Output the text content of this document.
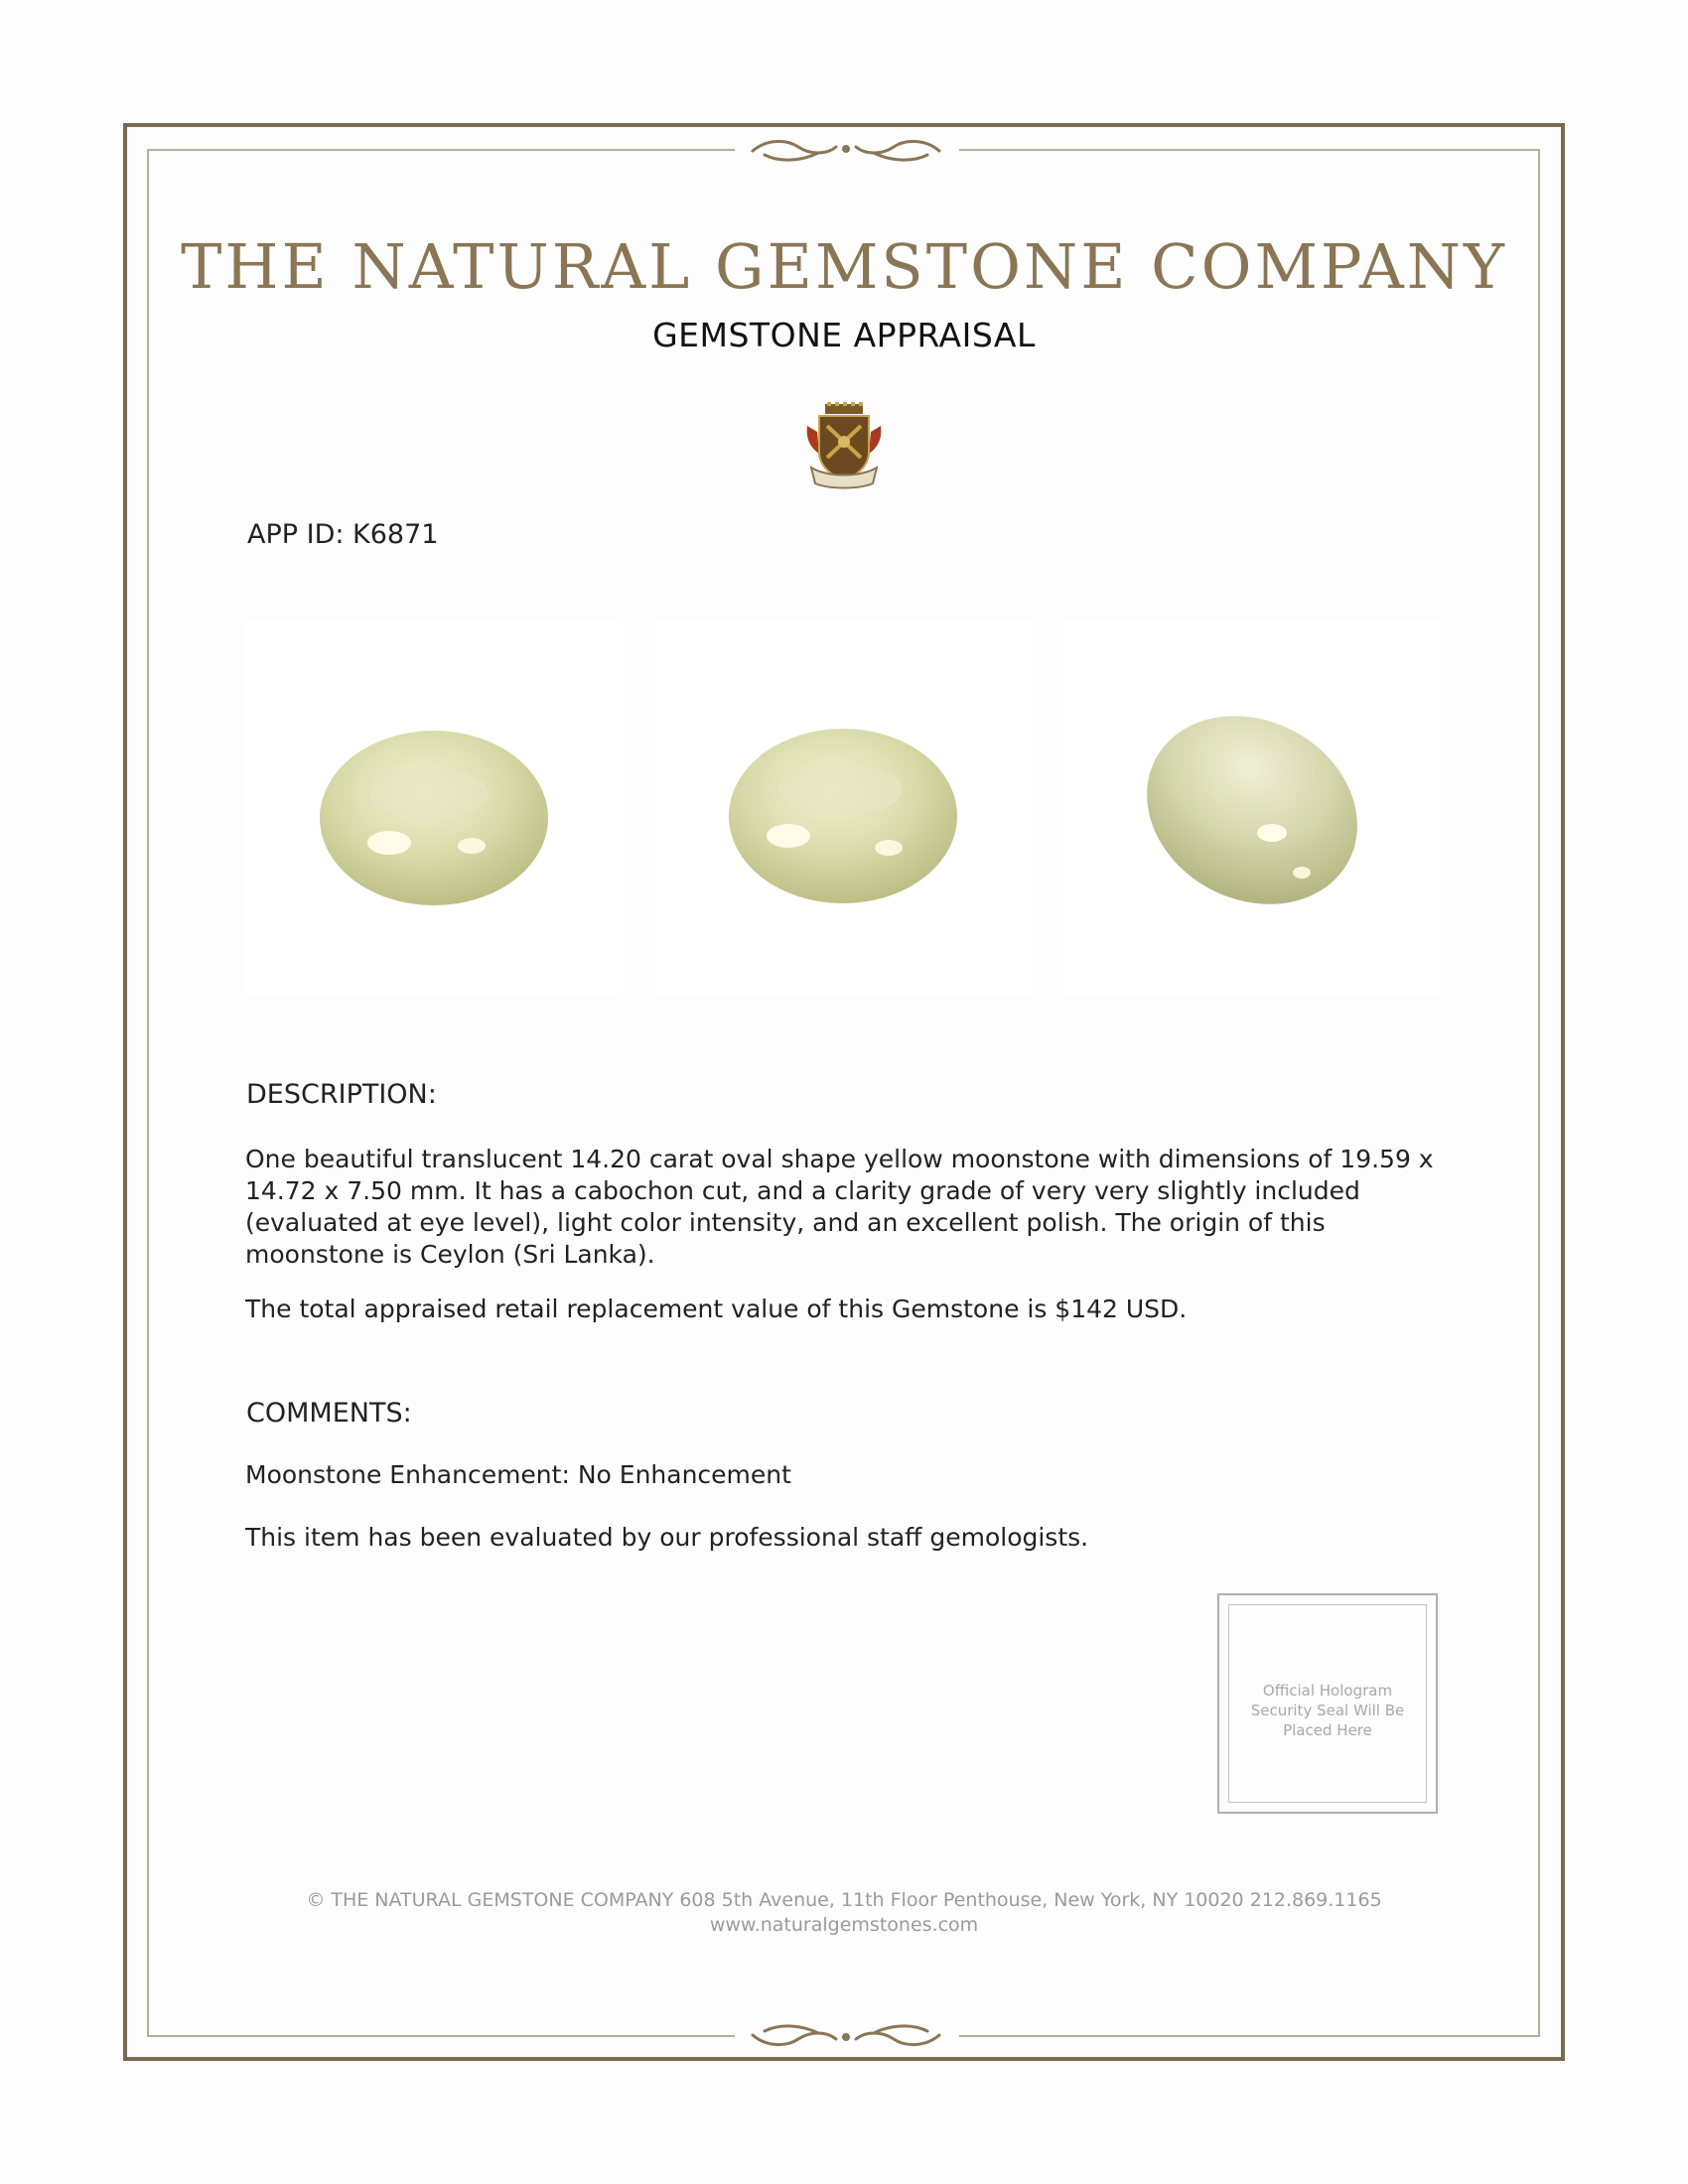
THE NATURAL GEMSTONE COMPANY
GEMSTONE APPRAISAL
APP ID: K6871
DESCRIPTION:
One beautiful translucent 14.20 carat oval shape yellow moonstone with dimensions of 19.59 x 14.72 x 7.50 mm. It has a cabochon cut, and a clarity grade of very very slightly included (evaluated at eye level), light color intensity, and an excellent polish. The origin of this moonstone is Ceylon (Sri Lanka).
The total appraised retail replacement value of this Gemstone is $142 USD.
COMMENTS:
Moonstone Enhancement: No Enhancement
This item has been evaluated by our professional staff gemologists.
Official Hologram Security Seal Will Be Placed Here
© THE NATURAL GEMSTONE COMPANY 608 5th Avenue, 11th Floor Penthouse, New York, NY 10020 212.869.1165
www.naturalgemstones.com
